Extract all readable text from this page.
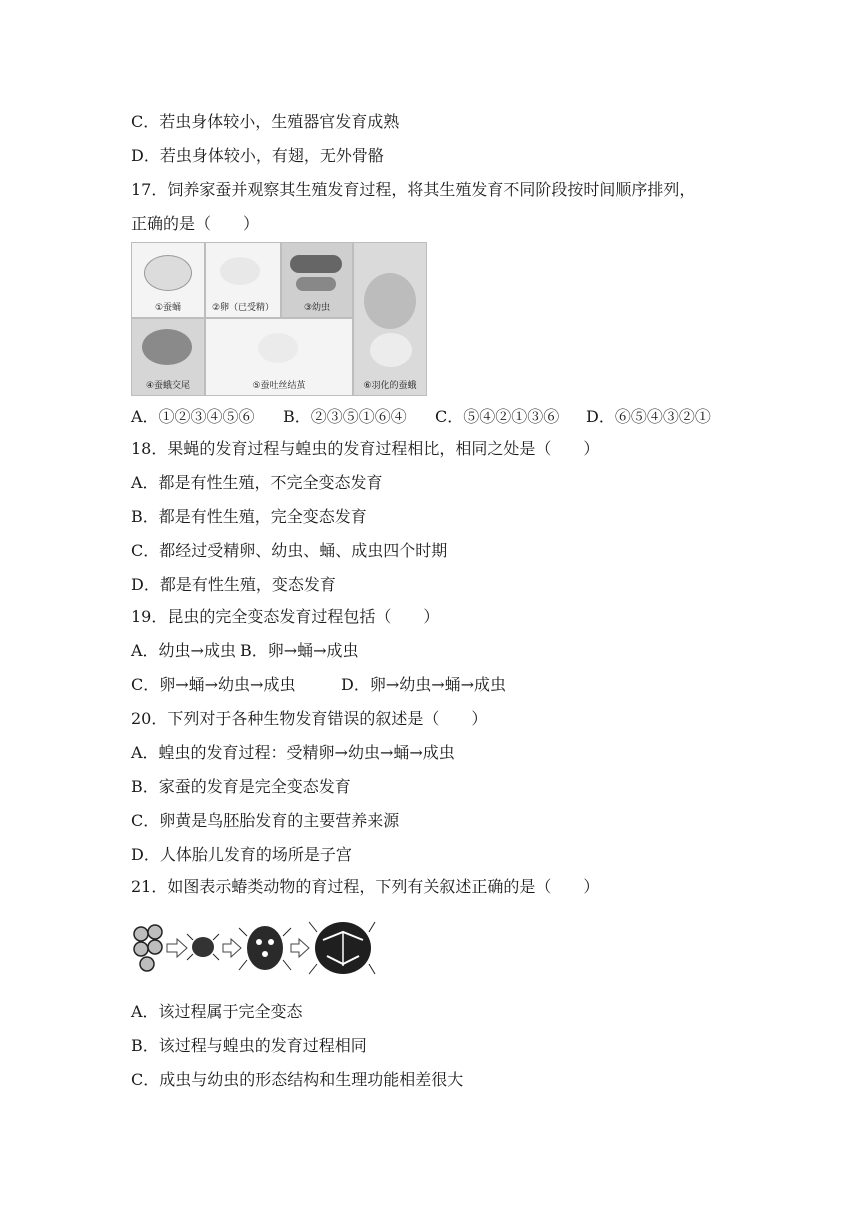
C．若虫身体较小，生殖器官发育成熟
D．若虫身体较小，有翅，无外骨骼
17．饲养家蚕并观察其生殖发育过程，将其生殖发育不同阶段按时间顺序排列，
正确的是（　　）
①蚕蛹	②卵（已受精）	③幼虫
④蚕蛾交尾	⑤蚕吐丝结茧	⑥羽化的蚕蛾
A．①②③④⑤⑥ B．②③⑤①⑥④ C．⑤④②①③⑥ D．⑥⑤④③②①
18．果蝇的发育过程与蝗虫的发育过程相比，相同之处是（　　）
A．都是有性生殖，不完全变态发育
B．都是有性生殖，完全变态发育
C．都经过受精卵、幼虫、蛹、成虫四个时期
D．都是有性生殖，变态发育
19．昆虫的完全变态发育过程包括（　　）
A．幼虫→成虫 B．卵→蛹→成虫
C．卵→蛹→幼虫→成虫	D．卵→幼虫→蛹→成虫
20．下列对于各种生物发育错误的叙述是（　　）
A．蝗虫的发育过程：受精卵→幼虫→蛹→成虫
B．家蚕的发育是完全变态发育
C．卵黄是鸟胚胎发育的主要营养来源
D．人体胎儿发育的场所是子宫
21．如图表示蝽类动物的育过程，下列有关叙述正确的是（　　）
A．该过程属于完全变态
B．该过程与蝗虫的发育过程相同
C．成虫与幼虫的形态结构和生理功能相差很大
